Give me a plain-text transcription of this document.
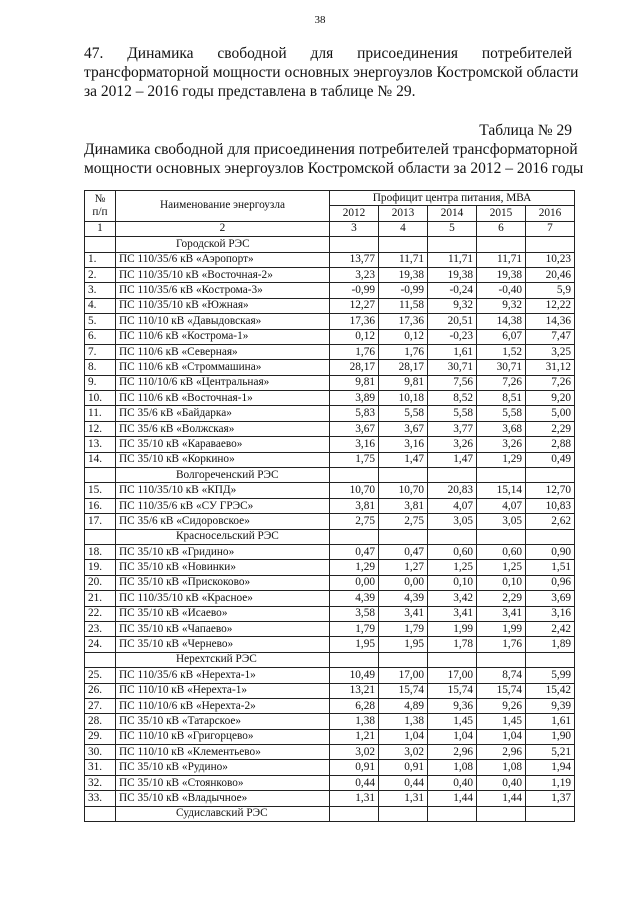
38
47. Динамика свободной для присоединения потребителей
трансформаторной мощности основных энергоузлов Костромской области
за 2012 – 2016 годы представлена в таблице № 29.
Таблица № 29
Динамика свободной для присоединения потребителей трансформаторной
мощности основных энергоузлов Костромской области за 2012 – 2016 годы
№
п/п	Наименование энергоузла	Профицит центра питания, МВА				
		2012	2013	2014	2015	2016
1	2	3	4	5	6	7
	Городской РЭС					
1.	ПС 110/35/6 кВ «Аэропорт»	13,77	11,71	11,71	11,71	10,23
2.	ПС 110/35/10 кВ «Восточная-2»	3,23	19,38	19,38	19,38	20,46
3.	ПС 110/35/6 кВ «Кострома-3»	-0,99	-0,99	-0,24	-0,40	5,9
4.	ПС 110/35/10 кВ «Южная»	12,27	11,58	9,32	9,32	12,22
5.	ПС 110/10 кВ «Давыдовская»	17,36	17,36	20,51	14,38	14,36
6.	ПС 110/6 кВ «Кострома-1»	0,12	0,12	-0,23	6,07	7,47
7.	ПС 110/6 кВ «Северная»	1,76	1,76	1,61	1,52	3,25
8.	ПС 110/6 кВ «Строммашина»	28,17	28,17	30,71	30,71	31,12
9.	ПС 110/10/6 кВ «Центральная»	9,81	9,81	7,56	7,26	7,26
10.	ПС 110/6 кВ «Восточная-1»	3,89	10,18	8,52	8,51	9,20
11.	ПС 35/6 кВ «Байдарка»	5,83	5,58	5,58	5,58	5,00
12.	ПС 35/6 кВ «Волжская»	3,67	3,67	3,77	3,68	2,29
13.	ПС 35/10 кВ «Караваево»	3,16	3,16	3,26	3,26	2,88
14.	ПС 35/10 кВ «Коркино»	1,75	1,47	1,47	1,29	0,49
	Волгореченский РЭС					
15.	ПС 110/35/10 кВ «КПД»	10,70	10,70	20,83	15,14	12,70
16.	ПС 110/35/6 кВ «СУ ГРЭС»	3,81	3,81	4,07	4,07	10,83
17.	ПС 35/6 кВ «Сидоровское»	2,75	2,75	3,05	3,05	2,62
	Красносельский РЭС					
18.	ПС 35/10 кВ «Гридино»	0,47	0,47	0,60	0,60	0,90
19.	ПС 35/10 кВ «Новинки»	1,29	1,27	1,25	1,25	1,51
20.	ПС 35/10 кВ «Прискоково»	0,00	0,00	0,10	0,10	0,96
21.	ПС 110/35/10 кВ «Красное»	4,39	4,39	3,42	2,29	3,69
22.	ПС 35/10 кВ «Исаево»	3,58	3,41	3,41	3,41	3,16
23.	ПС 35/10 кВ «Чапаево»	1,79	1,79	1,99	1,99	2,42
24.	ПС 35/10 кВ «Чернево»	1,95	1,95	1,78	1,76	1,89
	Нерехтский РЭС					
25.	ПС 110/35/6 кВ «Нерехта-1»	10,49	17,00	17,00	8,74	5,99
26.	ПС 110/10 кВ «Нерехта-1»	13,21	15,74	15,74	15,74	15,42
27.	ПС 110/10/6 кВ «Нерехта-2»	6,28	4,89	9,36	9,26	9,39
28.	ПС 35/10 кВ «Татарское»	1,38	1,38	1,45	1,45	1,61
29.	ПС 110/10 кВ «Григорцево»	1,21	1,04	1,04	1,04	1,90
30.	ПС 110/10 кВ «Клементьево»	3,02	3,02	2,96	2,96	5,21
31.	ПС 35/10 кВ «Рудино»	0,91	0,91	1,08	1,08	1,94
32.	ПС 35/10 кВ «Стоянково»	0,44	0,44	0,40	0,40	1,19
33.	ПС 35/10 кВ «Владычное»	1,31	1,31	1,44	1,44	1,37
	Судиславский РЭС					
